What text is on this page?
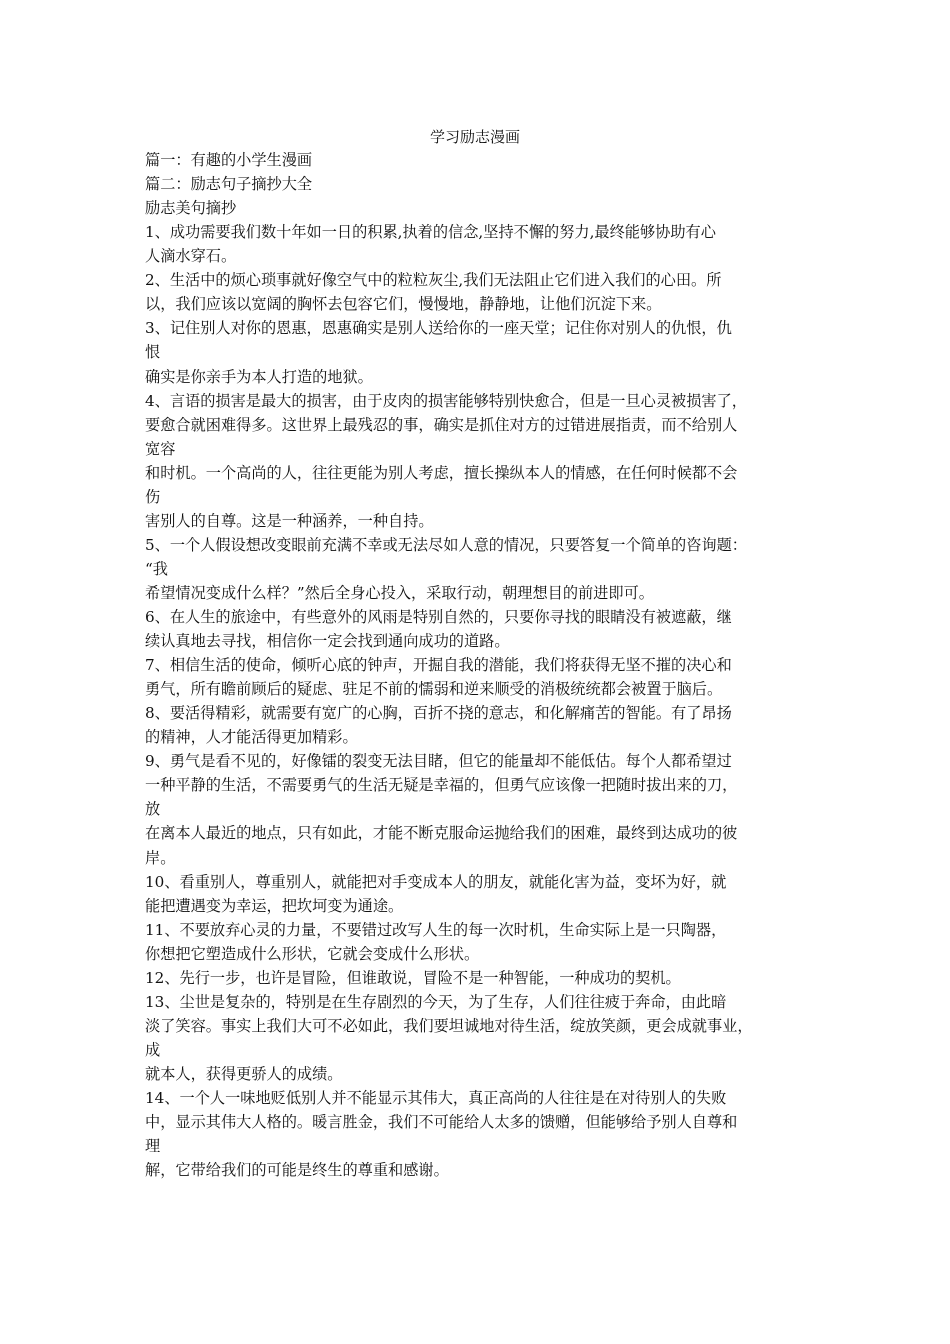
学习励志漫画
篇一：有趣的小学生漫画
篇二：励志句子摘抄大全
励志美句摘抄
1、成功需要我们数十年如一日的积累,执着的信念,坚持不懈的努力,最终能够协助有心
人滴水穿石。
2、生活中的烦心琐事就好像空气中的粒粒灰尘,我们无法阻止它们进入我们的心田。所
以，我们应该以宽阔的胸怀去包容它们，慢慢地，静静地，让他们沉淀下来。
3、记住别人对你的恩惠，恩惠确实是别人送给你的一座天堂；记住你对别人的仇恨，仇
恨
确实是你亲手为本人打造的地狱。
4、言语的损害是最大的损害，由于皮肉的损害能够特别快愈合，但是一旦心灵被损害了，
要愈合就困难得多。这世界上最残忍的事，确实是抓住对方的过错进展指责，而不给别人
宽容
和时机。一个高尚的人，往往更能为别人考虑，擅长操纵本人的情感，在任何时候都不会
伤
害别人的自尊。这是一种涵养，一种自持。
5、一个人假设想改变眼前充满不幸或无法尽如人意的情况，只要答复一个简单的咨询题：
“我
希望情况变成什么样？”然后全身心投入，采取行动，朝理想目的前进即可。
6、在人生的旅途中，有些意外的风雨是特别自然的，只要你寻找的眼睛没有被遮蔽，继
续认真地去寻找，相信你一定会找到通向成功的道路。
7、相信生活的使命，倾听心底的钟声，开掘自我的潜能，我们将获得无坚不摧的决心和
勇气，所有瞻前顾后的疑虑、驻足不前的懦弱和逆来顺受的消极统统都会被置于脑后。
8、要活得精彩，就需要有宽广的心胸，百折不挠的意志，和化解痛苦的智能。有了昂扬
的精神，人才能活得更加精彩。
9、勇气是看不见的，好像镭的裂变无法目睹，但它的能量却不能低估。每个人都希望过
一种平静的生活，不需要勇气的生活无疑是幸福的，但勇气应该像一把随时拔出来的刀，
放
在离本人最近的地点，只有如此，才能不断克服命运抛给我们的困难，最终到达成功的彼
岸。
10、看重别人，尊重别人，就能把对手变成本人的朋友，就能化害为益，变坏为好，就
能把遭遇变为幸运，把坎坷变为通途。
11、不要放弃心灵的力量，不要错过改写人生的每一次时机，生命实际上是一只陶器，
你想把它塑造成什么形状，它就会变成什么形状。
12、先行一步，也许是冒险，但谁敢说，冒险不是一种智能，一种成功的契机。
13、尘世是复杂的，特别是在生存剧烈的今天，为了生存，人们往往疲于奔命，由此暗
淡了笑容。事实上我们大可不必如此，我们要坦诚地对待生活，绽放笑颜，更会成就事业，
成
就本人，获得更骄人的成绩。
14、一个人一味地贬低别人并不能显示其伟大，真正高尚的人往往是在对待别人的失败
中，显示其伟大人格的。暖言胜金，我们不可能给人太多的馈赠，但能够给予别人自尊和
理
解，它带给我们的可能是终生的尊重和感谢。
